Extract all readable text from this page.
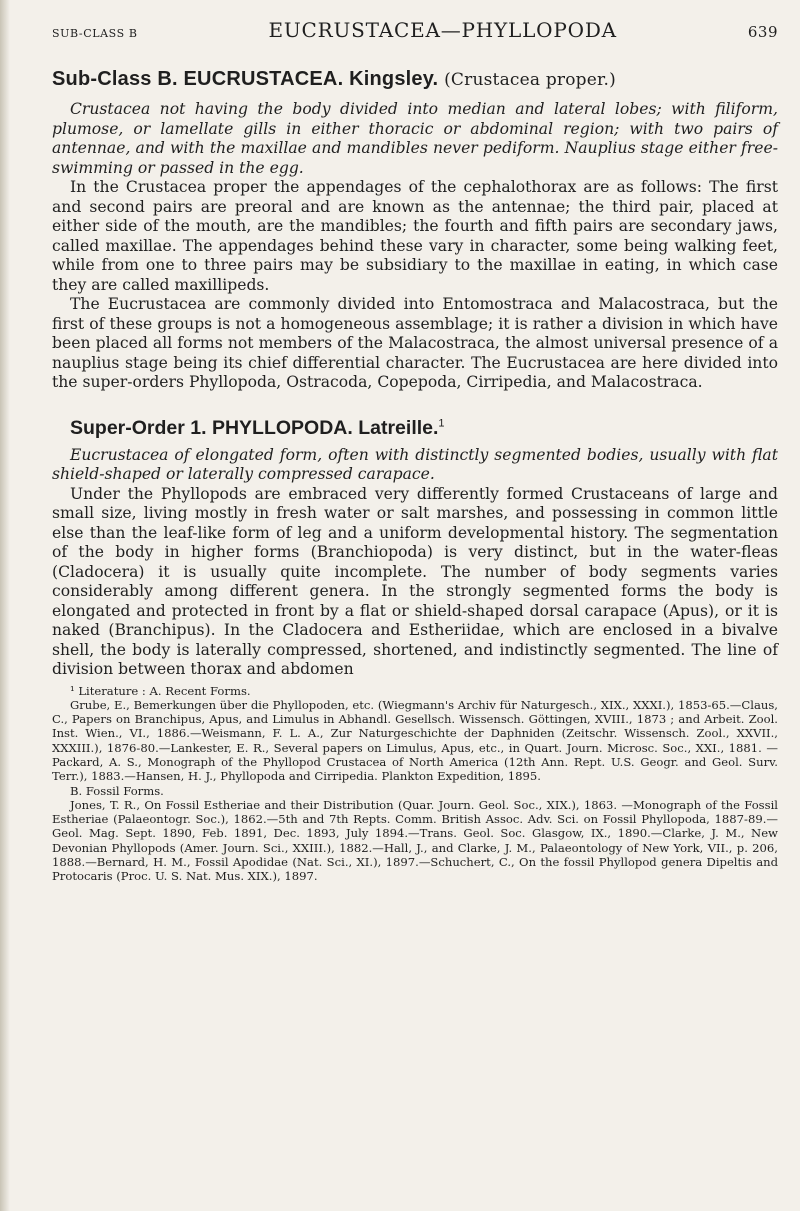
SUB-CLASS B	EUCRUSTACEA—PHYLLOPODA	639
Sub-Class B. EUCRUSTACEA. Kingsley. (Crustacea proper.)

Crustacea not having the body divided into median and lateral lobes; with filiform, plumose, or lamellate gills in either thoracic or abdominal region; with two pairs of antennae, and with the maxillae and mandibles never pediform. Nauplius stage either free-swimming or passed in the egg.

In the Crustacea proper the appendages of the cephalothorax are as follows: The first and second pairs are preoral and are known as the antennae; the third pair, placed at either side of the mouth, are the mandibles; the fourth and fifth pairs are secondary jaws, called maxillae. The appendages behind these vary in character, some being walking feet, while from one to three pairs may be subsidiary to the maxillae in eating, in which case they are called maxillipeds.

The Eucrustacea are commonly divided into Entomostraca and Malacostraca, but the first of these groups is not a homogeneous assemblage; it is rather a division in which have been placed all forms not members of the Malacostraca, the almost universal presence of a nauplius stage being its chief differential character. The Eucrustacea are here divided into the super-orders Phyllopoda, Ostracoda, Copepoda, Cirripedia, and Malacostraca.

Super-Order 1. PHYLLOPODA. Latreille.$^1$

Eucrustacea of elongated form, often with distinctly segmented bodies, usually with flat shield-shaped or laterally compressed carapace.

Under the Phyllopods are embraced very differently formed Crustaceans of large and small size, living mostly in fresh water or salt marshes, and possessing in common little else than the leaf-like form of leg and a uniform developmental history. The segmentation of the body in higher forms (Branchiopoda) is very distinct, but in the water-fleas (Cladocera) it is usually quite incomplete. The number of body segments varies considerably among different genera. In the strongly segmented forms the body is elongated and protected in front by a flat or shield-shaped dorsal carapace (Apus), or it is naked (Branchipus). In the Cladocera and Estheriidae, which are enclosed in a bivalve shell, the body is laterally compressed, shortened, and indistinctly segmented. The line of division between thorax and abdomen

¹ Literature : A. Recent Forms.

Grube, E., Bemerkungen über die Phyllopoden, etc. (Wiegmann's Archiv für Naturgesch., XIX., XXXI.), 1853-65.—Claus, C., Papers on Branchipus, Apus, and Limulus in Abhandl. Gesellsch. Wissensch. Göttingen, XVIII., 1873 ; and Arbeit. Zool. Inst. Wien., VI., 1886.—Weismann, F. L. A., Zur Naturgeschichte der Daphniden (Zeitschr. Wissensch. Zool., XXVII., XXXIII.), 1876-80.—Lankester, E. R., Several papers on Limulus, Apus, etc., in Quart. Journ. Microsc. Soc., XXI., 1881. —Packard, A. S., Monograph of the Phyllopod Crustacea of North America (12th Ann. Rept. U.S. Geogr. and Geol. Surv. Terr.), 1883.—Hansen, H. J., Phyllopoda and Cirripedia. Plankton Expedition, 1895.

B. Fossil Forms.

Jones, T. R., On Fossil Estheriae and their Distribution (Quar. Journ. Geol. Soc., XIX.), 1863. —Monograph of the Fossil Estheriae (Palaeontogr. Soc.), 1862.—5th and 7th Repts. Comm. British Assoc. Adv. Sci. on Fossil Phyllopoda, 1887-89.—Geol. Mag. Sept. 1890, Feb. 1891, Dec. 1893, July 1894.—Trans. Geol. Soc. Glasgow, IX., 1890.—Clarke, J. M., New Devonian Phyllopods (Amer. Journ. Sci., XXIII.), 1882.—Hall, J., and Clarke, J. M., Palaeontology of New York, VII., p. 206, 1888.—Bernard, H. M., Fossil Apodidae (Nat. Sci., XI.), 1897.—Schuchert, C., On the fossil Phyllopod genera Dipeltis and Protocaris (Proc. U. S. Nat. Mus. XIX.), 1897.
